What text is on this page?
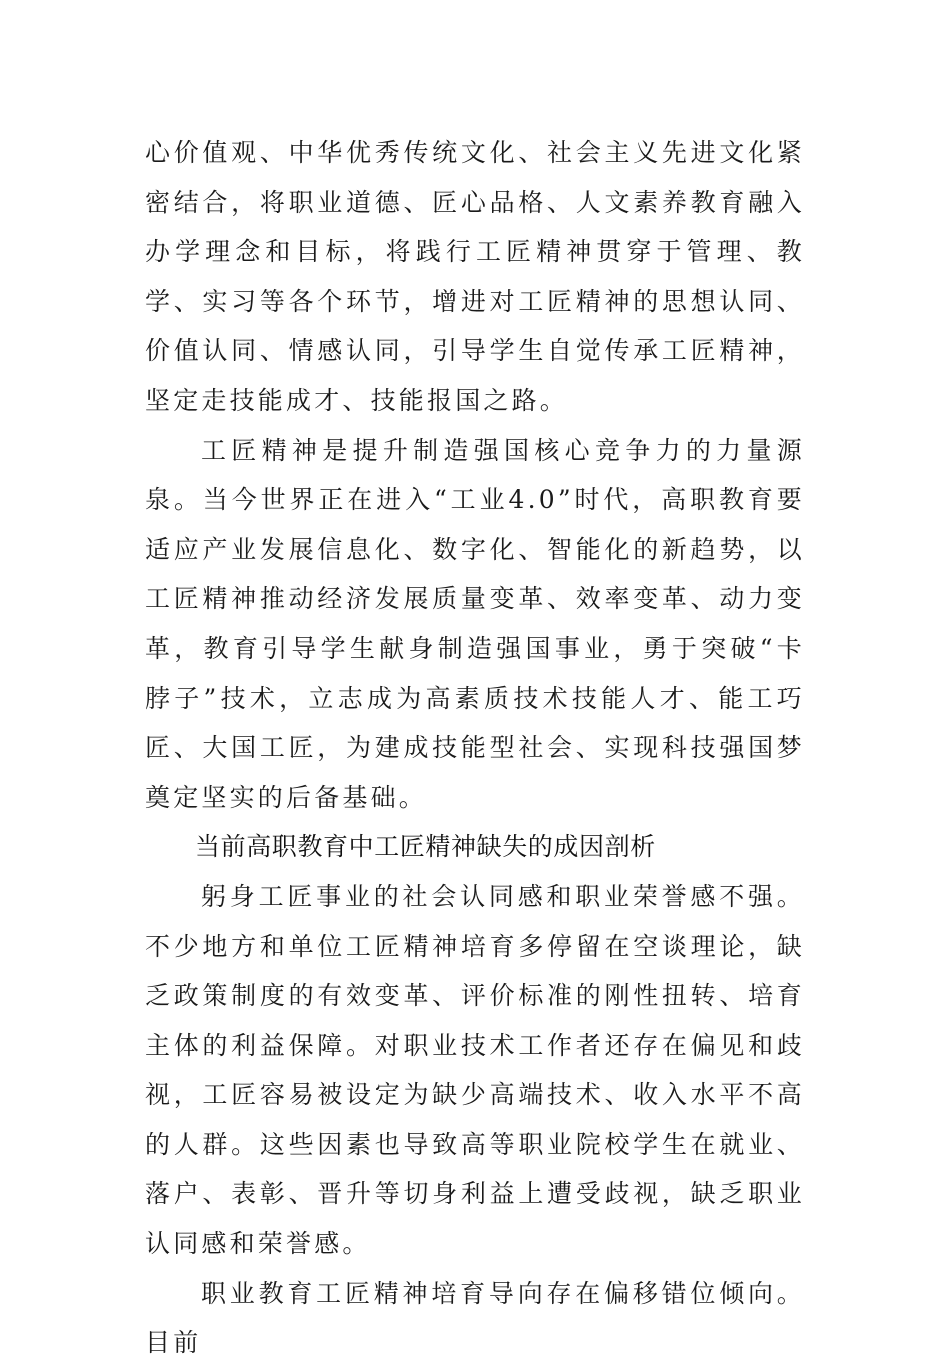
心价值观、中华优秀传统文化、社会主义先进文化紧密结合，将职业道德、匠心品格、人文素养教育融入办学理念和目标，将践行工匠精神贯穿于管理、教学、实习等各个环节，增进对工匠精神的思想认同、价值认同、情感认同，引导学生自觉传承工匠精神，坚定走技能成才、技能报国之路。

工匠精神是提升制造强国核心竞争力的力量源泉。当今世界正在进入“工业4.0”时代，高职教育要适应产业发展信息化、数字化、智能化的新趋势，以工匠精神推动经济发展质量变革、效率变革、动力变革，教育引导学生献身制造强国事业，勇于突破“卡脖子”技术，立志成为高素质技术技能人才、能工巧匠、大国工匠，为建成技能型社会、实现科技强国梦奠定坚实的后备基础。

当前高职教育中工匠精神缺失的成因剖析

躬身工匠事业的社会认同感和职业荣誉感不强。不少地方和单位工匠精神培育多停留在空谈理论，缺乏政策制度的有效变革、评价标准的刚性扭转、培育主体的利益保障。对职业技术工作者还存在偏见和歧视，工匠容易被设定为缺少高端技术、收入水平不高的人群。这些因素也导致高等职业院校学生在就业、落户、表彰、晋升等切身利益上遭受歧视，缺乏职业认同感和荣誉感。

职业教育工匠精神培育导向存在偏移错位倾向。目前
